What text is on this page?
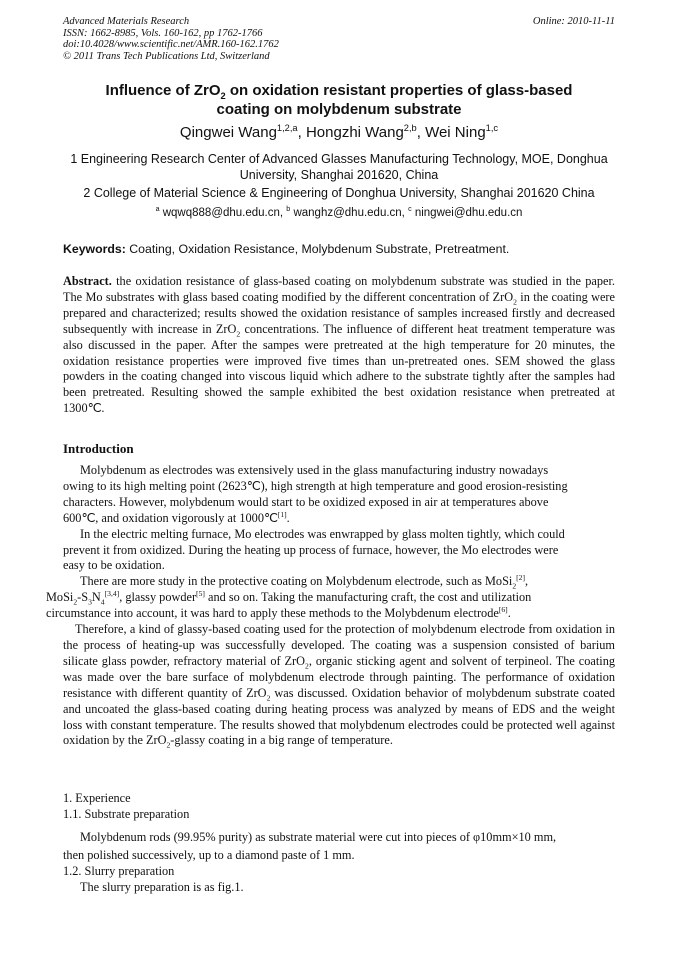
Advanced Materials Research
ISSN: 1662-8985, Vols. 160-162, pp 1762-1766
doi:10.4028/www.scientific.net/AMR.160-162.1762
© 2011 Trans Tech Publications Ltd, Switzerland
Online: 2010-11-11
Influence of ZrO$_2$ on oxidation resistant properties of glass-based
coating on molybdenum substrate
Qingwei Wang$^{1,2,a}$, Hongzhi Wang$^{2,b}$, Wei Ning$^{1,c}$
1 Engineering Research Center of Advanced Glasses Manufacturing Technology, MOE, Donghua
University, Shanghai 201620, China
2 College of Material Science & Engineering of Donghua University, Shanghai 201620 China
$^a$ wqwq888@dhu.edu.cn, $^b$ wanghz@dhu.edu.cn, $^c$ ningwei@dhu.edu.cn
Keywords: Coating, Oxidation Resistance, Molybdenum Substrate, Pretreatment.
Abstract. the oxidation resistance of glass-based coating on molybdenum substrate was studied in the paper. The Mo substrates with glass based coating modified by the different concentration of ZrO$_2$ in the coating were prepared and characterized; results showed the oxidation resistance of samples increased firstly and decreased subsequently with increase in ZrO$_2$ concentrations. The influence of different heat treatment temperature was also discussed in the paper. After the sampes were pretreated at the high temperature for 20 minutes, the oxidation resistance properties were improved five times than un-pretreated ones. SEM showed the glass powders in the coating changed into viscous liquid which adhere to the substrate tightly after the samples had been pretreated. Resulting showed the sample exhibited the best oxidation resistance when pretreated at 1300℃.
Introduction

Molybdenum as electrodes was extensively used in the glass manufacturing industry nowadays
owing to its high melting point (2623℃), high strength at high temperature and good erosion-resisting
characters. However, molybdenum would start to be oxidized exposed in air at temperatures above
600℃, and oxidation vigorously at 1000℃[1].

In the electric melting furnace, Mo electrodes was enwrapped by glass molten tightly, which could
prevent it from oxidized. During the heating up process of furnace, however, the Mo electrodes were
easy to be oxidation.

There are more study in the protective coating on Molybdenum electrode, such as MoSi$_2$[2],
$MoSi_2-S_3N_4[3,4]$, glassy powder[5] and so on. Taking the manufacturing craft, the cost and utilization
circumstance into account, it was hard to apply these methods to the Molybdenum electrode[6].

Therefore, a kind of glassy-based coating used for the protection of molybdenum electrode from oxidation in the process of heating-up was successfully developed. The coating was a suspension consisted of barium silicate glass powder, refractory material of ZrO$_2$, organic sticking agent and solvent of terpineol. The coating was made over the bare surface of molybdenum electrode through painting. The performance of oxidation resistance with different quantity of ZrO$_2$ was discussed. Oxidation behavior of molybdenum substrate coated and uncoated the glass-based coating during heating process was analyzed by means of EDS and the weight loss with constant temperature. The results showed that molybdenum electrodes could be protected well against oxidation by the ZrO$_2$-glassy coating in a big range of temperature.

1. Experience
1.1. Substrate preparation
Molybdenum rods (99.95% purity) as substrate material were cut into pieces of φ10mm×10 mm,
then polished successively, up to a diamond paste of 1 mm.
1.2. Slurry preparation
The slurry preparation is as fig.1.
